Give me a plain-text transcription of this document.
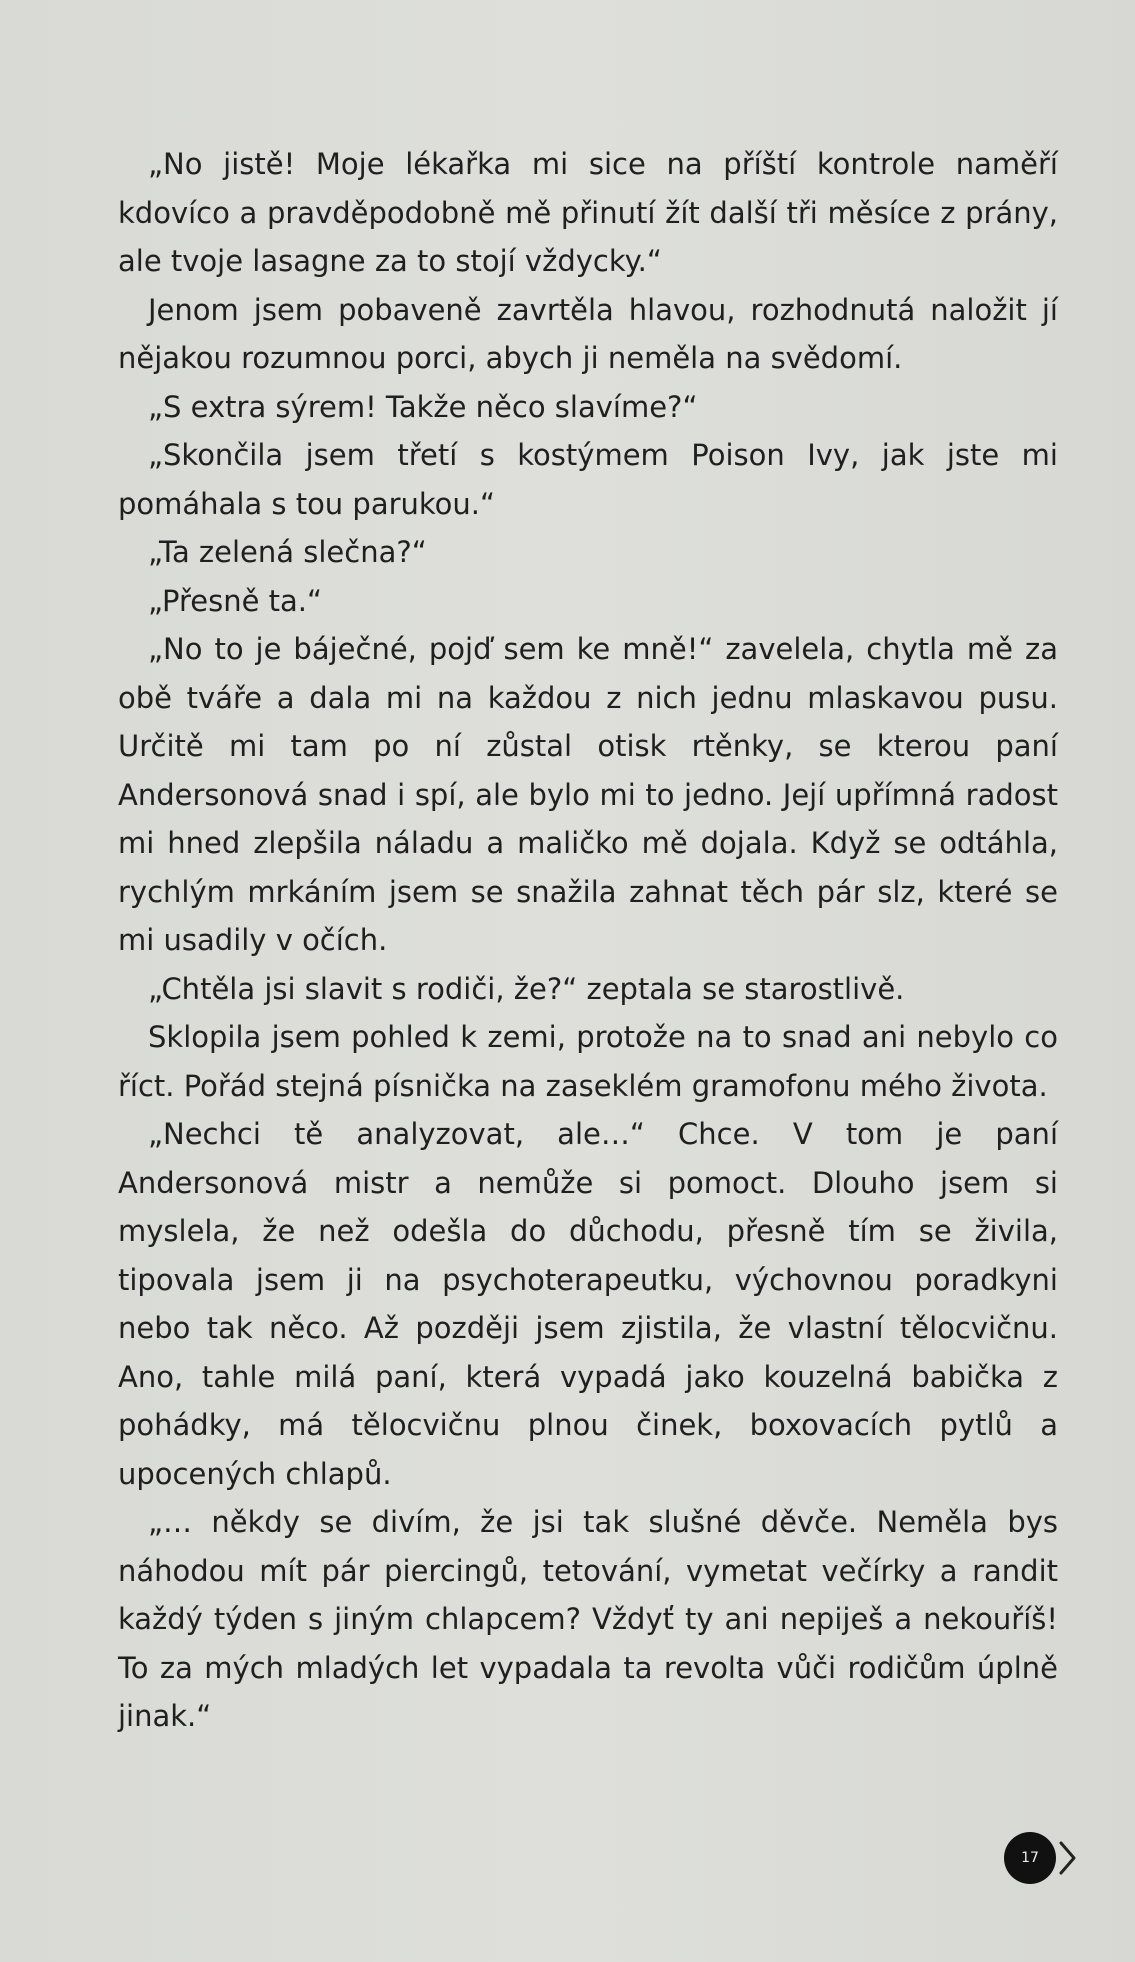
„No jistě! Moje lékařka mi sice na příští kontrole naměří kdovíco a pravděpodobně mě přinutí žít další tři měsíce z prány, ale tvoje lasagne za to stojí vždycky.“

Jenom jsem pobaveně zavrtěla hlavou, rozhodnutá naložit jí nějakou rozumnou porci, abych ji neměla na svědomí.

„S extra sýrem! Takže něco slavíme?“

„Skončila jsem třetí s kostýmem Poison Ivy, jak jste mi pomáhala s tou parukou.“

„Ta zelená slečna?“

„Přesně ta.“

„No to je báječné, pojď sem ke mně!“ zavelela, chytla mě za obě tváře a dala mi na každou z nich jednu mlaskavou pusu. Určitě mi tam po ní zůstal otisk rtěnky, se kterou paní Andersonová snad i spí, ale bylo mi to jedno. Její upřímná radost mi hned zlepšila náladu a maličko mě dojala. Když se odtáhla, rychlým mrkáním jsem se snažila zahnat těch pár slz, které se mi usadily v očích.

„Chtěla jsi slavit s rodiči, že?“ zeptala se starostlivě.

Sklopila jsem pohled k zemi, protože na to snad ani nebylo co říct. Pořád stejná písnička na zaseklém gramofonu mého života.

„Nechci tě analyzovat, ale…“ Chce. V tom je paní Andersonová mistr a nemůže si pomoct. Dlouho jsem si myslela, že než odešla do důchodu, přesně tím se živila, tipovala jsem ji na psychoterapeutku, výchovnou poradkyni nebo tak něco. Až později jsem zjistila, že vlastní tělocvičnu. Ano, tahle milá paní, která vypadá jako kouzelná babička z pohádky, má tělocvičnu plnou činek, boxovacích pytlů a upocených chlapů.

„… někdy se divím, že jsi tak slušné děvče. Neměla bys náhodou mít pár piercingů, tetování, vymetat večírky a randit každý týden s jiným chlapcem? Vždyť ty ani nepiješ a nekouříš! To za mých mladých let vypadala ta revolta vůči rodičům úplně jinak.“

17
